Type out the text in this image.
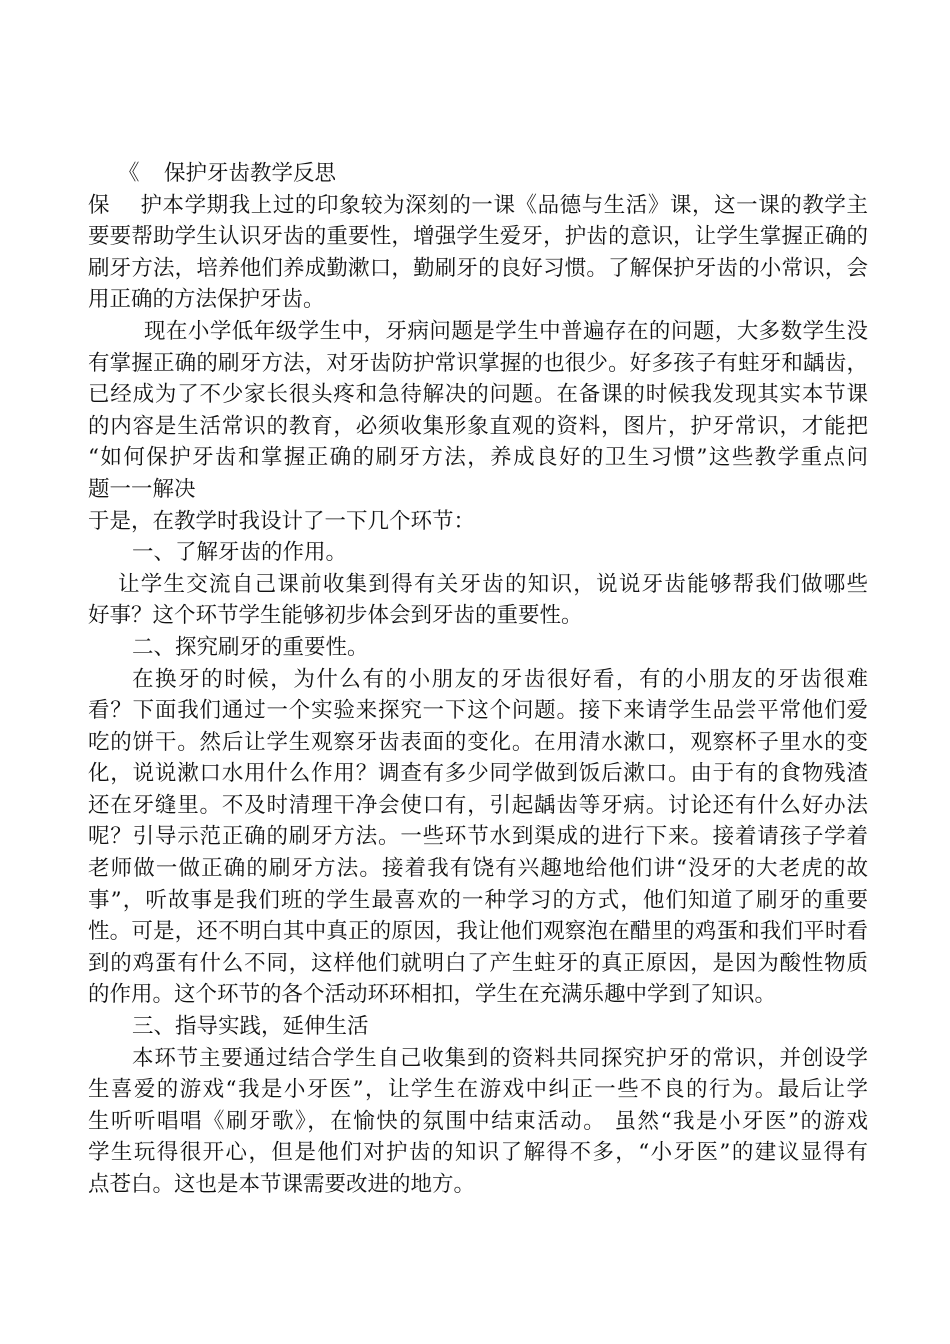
《 保护牙齿教学反思
保护本学期我上过的印象较为深刻的一课《品德与生活》课，这一课的教学主
要要帮助学生认识牙齿的重要性，增强学生爱牙，护齿的意识，让学生掌握正确的
刷牙方法，培养他们养成勤漱口，勤刷牙的良好习惯。了解保护牙齿的小常识，会
用正确的方法保护牙齿。
现在小学低年级学生中，牙病问题是学生中普遍存在的问题，大多数学生没
有掌握正确的刷牙方法，对牙齿防护常识掌握的也很少。好多孩子有蛀牙和龋齿，
已经成为了不少家长很头疼和急待解决的问题。在备课的时候我发现其实本节课
的内容是生活常识的教育，必须收集形象直观的资料，图片，护牙常识，才能把
“如何保护牙齿和掌握正确的刷牙方法，养成良好的卫生习惯”这些教学重点问
题一一解决
于是，在教学时我设计了一下几个环节：
一、了解牙齿的作用。
让学生交流自己课前收集到得有关牙齿的知识，说说牙齿能够帮我们做哪些
好事？这个环节学生能够初步体会到牙齿的重要性。
二、探究刷牙的重要性。
在换牙的时候，为什么有的小朋友的牙齿很好看，有的小朋友的牙齿很难
看？下面我们通过一个实验来探究一下这个问题。接下来请学生品尝平常他们爱
吃的饼干。然后让学生观察牙齿表面的变化。在用清水漱口，观察杯子里水的变
化，说说漱口水用什么作用？调查有多少同学做到饭后漱口。由于有的食物残渣
还在牙缝里。不及时清理干净会使口有，引起龋齿等牙病。讨论还有什么好办法
呢？引导示范正确的刷牙方法。一些环节水到渠成的进行下来。接着请孩子学着
老师做一做正确的刷牙方法。接着我有饶有兴趣地给他们讲“没牙的大老虎的故
事”，听故事是我们班的学生最喜欢的一种学习的方式，他们知道了刷牙的重要
性。可是，还不明白其中真正的原因，我让他们观察泡在醋里的鸡蛋和我们平时看
到的鸡蛋有什么不同，这样他们就明白了产生蛀牙的真正原因，是因为酸性物质
的作用。这个环节的各个活动环环相扣，学生在充满乐趣中学到了知识。
三、指导实践，延伸生活
本环节主要通过结合学生自己收集到的资料共同探究护牙的常识，并创设学
生喜爱的游戏“我是小牙医”，让学生在游戏中纠正一些不良的行为。最后让学
生听听唱唱《刷牙歌》，在愉快的氛围中结束活动。 虽然“我是小牙医”的游戏
学生玩得很开心，但是他们对护齿的知识了解得不多，“小牙医”的建议显得有
点苍白。这也是本节课需要改进的地方。
